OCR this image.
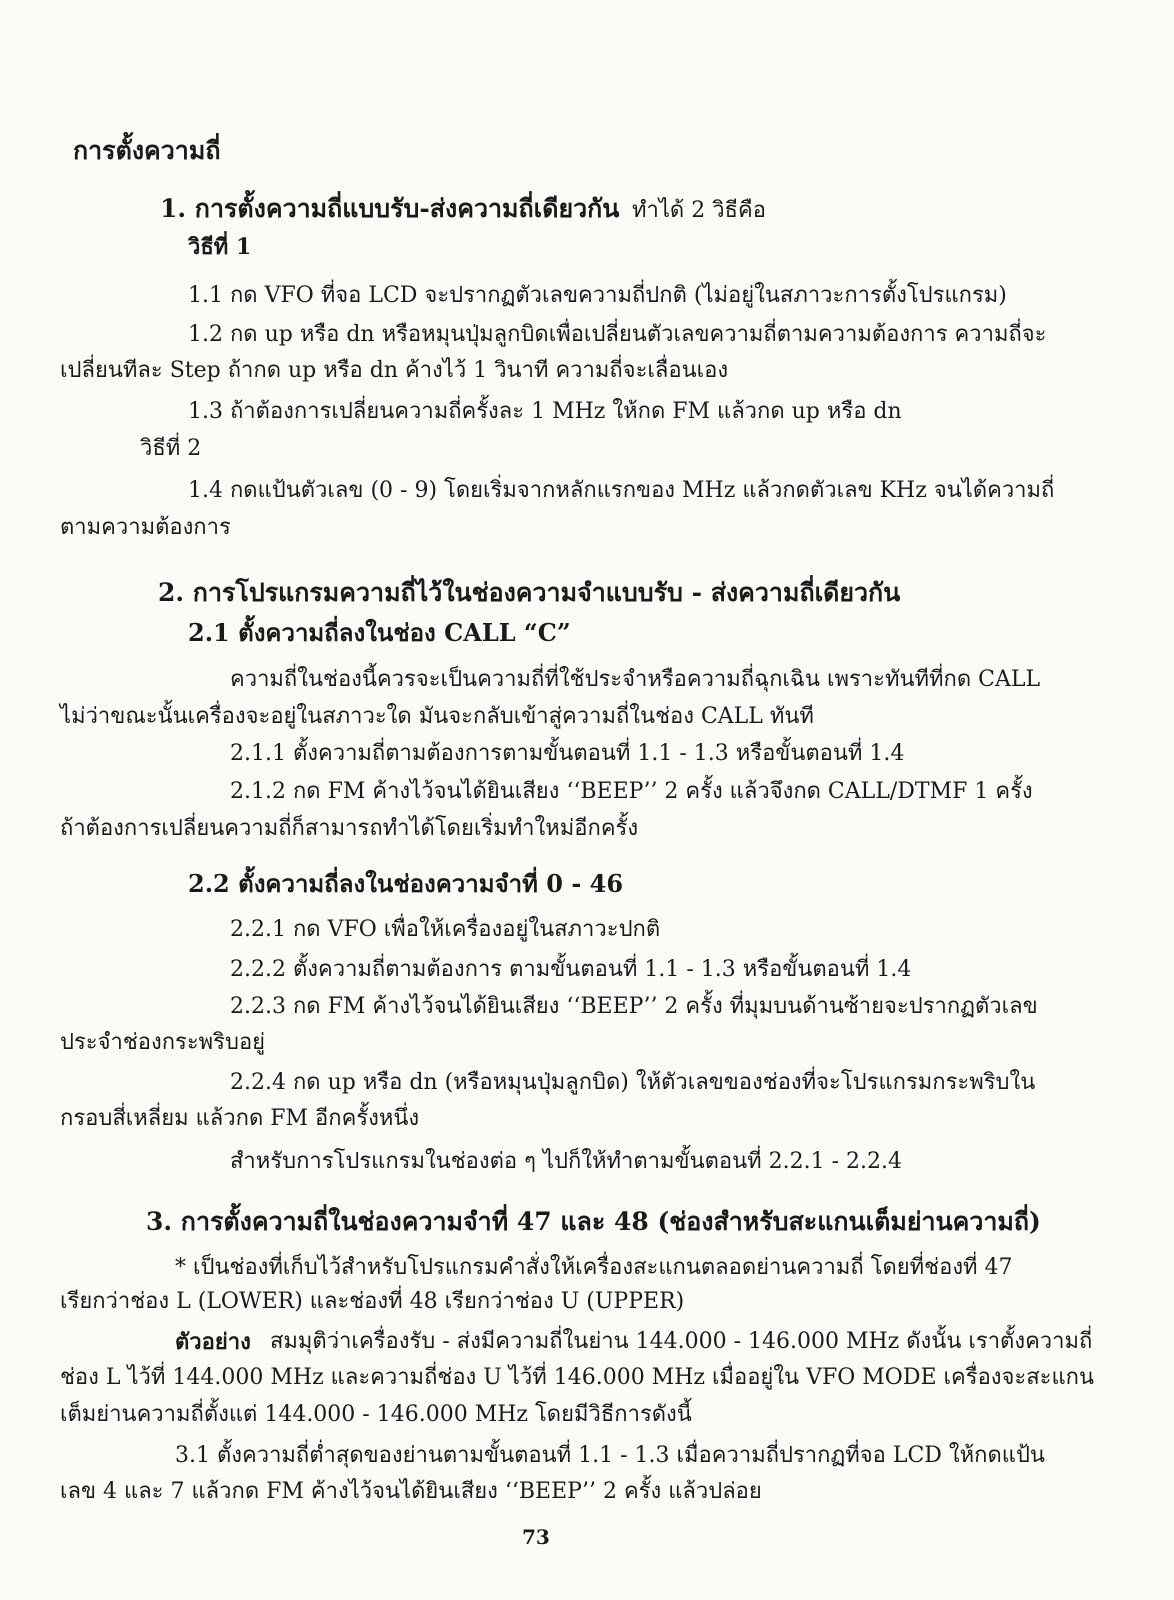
การตั้งความถี่
1. การตั้งความถี่แบบรับ-ส่งความถี่เดียวกัน ทำได้ 2 วิธีคือ
วิธีที่ 1
1.1 กด VFO ที่จอ LCD จะปรากฏตัวเลขความถี่ปกติ (ไม่อยู่ในสภาวะการตั้งโปรแกรม)
1.2 กด up หรือ dn หรือหมุนปุ่มลูกบิดเพื่อเปลี่ยนตัวเลขความถี่ตามความต้องการ ความถี่จะ
เปลี่ยนทีละ Step ถ้ากด up หรือ dn ค้างไว้ 1 วินาที ความถี่จะเลื่อนเอง
1.3 ถ้าต้องการเปลี่ยนความถี่ครั้งละ 1 MHz ให้กด FM แล้วกด up หรือ dn
วิธีที่ 2
1.4 กดแป้นตัวเลข (0 - 9) โดยเริ่มจากหลักแรกของ MHz แล้วกดตัวเลข KHz จนได้ความถี่
ตามความต้องการ
2. การโปรแกรมความถี่ไว้ในช่องความจำแบบรับ - ส่งความถี่เดียวกัน
2.1 ตั้งความถี่ลงในช่อง CALL “C”
ความถี่ในช่องนี้ควรจะเป็นความถี่ที่ใช้ประจำหรือความถี่ฉุกเฉิน เพราะทันทีที่กด CALL
ไม่ว่าขณะนั้นเครื่องจะอยู่ในสภาวะใด มันจะกลับเข้าสู่ความถี่ในช่อง CALL ทันที
2.1.1 ตั้งความถี่ตามต้องการตามขั้นตอนที่ 1.1 - 1.3 หรือขั้นตอนที่ 1.4
2.1.2 กด FM ค้างไว้จนได้ยินเสียง ‘‘BEEP’’ 2 ครั้ง แล้วจึงกด CALL/DTMF 1 ครั้ง
ถ้าต้องการเปลี่ยนความถี่ก็สามารถทำได้โดยเริ่มทำใหม่อีกครั้ง
2.2 ตั้งความถี่ลงในช่องความจำที่ 0 - 46
2.2.1 กด VFO เพื่อให้เครื่องอยู่ในสภาวะปกติ
2.2.2 ตั้งความถี่ตามต้องการ ตามขั้นตอนที่ 1.1 - 1.3 หรือขั้นตอนที่ 1.4
2.2.3 กด FM ค้างไว้จนได้ยินเสียง ‘‘BEEP’’ 2 ครั้ง ที่มุมบนด้านซ้ายจะปรากฏตัวเลข
ประจำช่องกระพริบอยู่
2.2.4 กด up หรือ dn (หรือหมุนปุ่มลูกบิด) ให้ตัวเลขของช่องที่จะโปรแกรมกระพริบใน
กรอบสี่เหลี่ยม แล้วกด FM อีกครั้งหนึ่ง
สำหรับการโปรแกรมในช่องต่อ ๆ ไปก็ให้ทำตามขั้นตอนที่ 2.2.1 - 2.2.4
3. การตั้งความถี่ในช่องความจำที่ 47 และ 48 (ช่องสำหรับสะแกนเต็มย่านความถี่)
* เป็นช่องที่เก็บไว้สำหรับโปรแกรมคำสั่งให้เครื่องสะแกนตลอดย่านความถี่ โดยที่ช่องที่ 47
เรียกว่าช่อง L (LOWER) และช่องที่ 48 เรียกว่าช่อง U (UPPER)
ตัวอย่าง สมมุติว่าเครื่องรับ - ส่งมีความถี่ในย่าน 144.000 - 146.000 MHz ดังนั้น เราตั้งความถี่
ช่อง L ไว้ที่ 144.000 MHz และความถี่ช่อง U ไว้ที่ 146.000 MHz เมื่ออยู่ใน VFO MODE เครื่องจะสะแกน
เต็มย่านความถี่ตั้งแต่ 144.000 - 146.000 MHz โดยมีวิธีการดังนี้
3.1 ตั้งความถี่ต่ำสุดของย่านตามขั้นตอนที่ 1.1 - 1.3 เมื่อความถี่ปรากฏที่จอ LCD ให้กดแป้น
เลข 4 และ 7 แล้วกด FM ค้างไว้จนได้ยินเสียง ‘‘BEEP’’ 2 ครั้ง แล้วปล่อย
73
